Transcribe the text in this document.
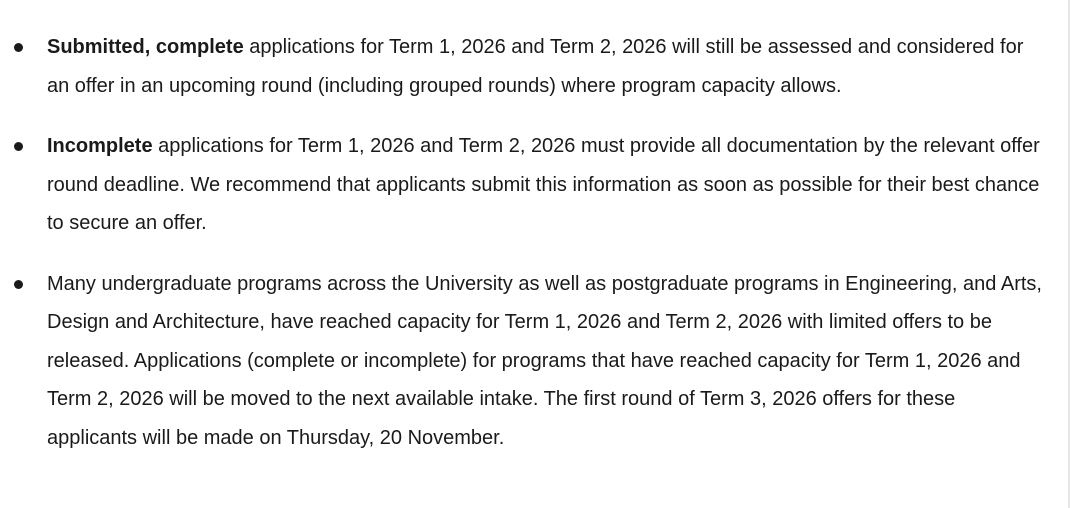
Submitted, complete applications for Term 1, 2026 and Term 2, 2026 will still be assessed and considered for an offer in an upcoming round (including grouped rounds) where program capacity allows.
Incomplete applications for Term 1, 2026 and Term 2, 2026 must provide all documentation by the relevant offer round deadline. We recommend that applicants submit this information as soon as possible for their best chance to secure an offer.
Many undergraduate programs across the University as well as postgraduate programs in Engineering, and Arts, Design and Architecture, have reached capacity for Term 1, 2026 and Term 2, 2026 with limited offers to be released. Applications (complete or incomplete) for programs that have reached capacity for Term 1, 2026 and Term 2, 2026 will be moved to the next available intake. The first round of Term 3, 2026 offers for these applicants will be made on Thursday, 20 November.
